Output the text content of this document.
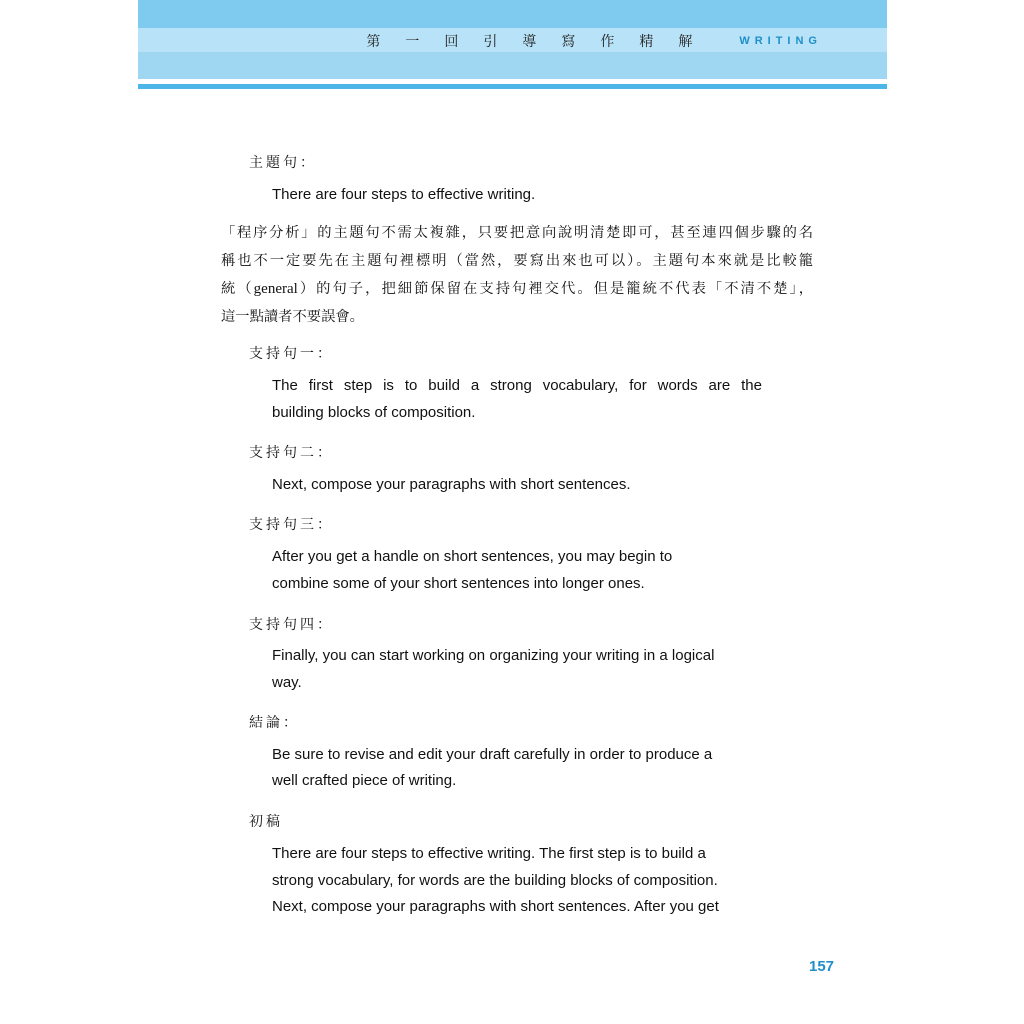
第一回引導寫作精解 WRITING
主題句：
There are four steps to effective writing.
「程序分析」的主題句不需太複雜，只要把意向說明清楚即可，甚至連四個步驟的名
稱也不一定要先在主題句裡標明（當然，要寫出來也可以）。主題句本來就是比較籠
統（general）的句子，把細節保留在支持句裡交代。但是籠統不代表「不清不楚」，
這一點讀者不要誤會。
支持句一：
The first step is to build a strong vocabulary, for words are the
building blocks of composition.
支持句二：
Next, compose your paragraphs with short sentences.
支持句三：
After you get a handle on short sentences, you may begin to
combine some of your short sentences into longer ones.
支持句四：
Finally, you can start working on organizing your writing in a logical
way.
結論：
Be sure to revise and edit your draft carefully in order to produce a
well crafted piece of writing.
初稿
There are four steps to effective writing. The first step is to build a
strong vocabulary, for words are the building blocks of composition.
Next, compose your paragraphs with short sentences. After you get
157
